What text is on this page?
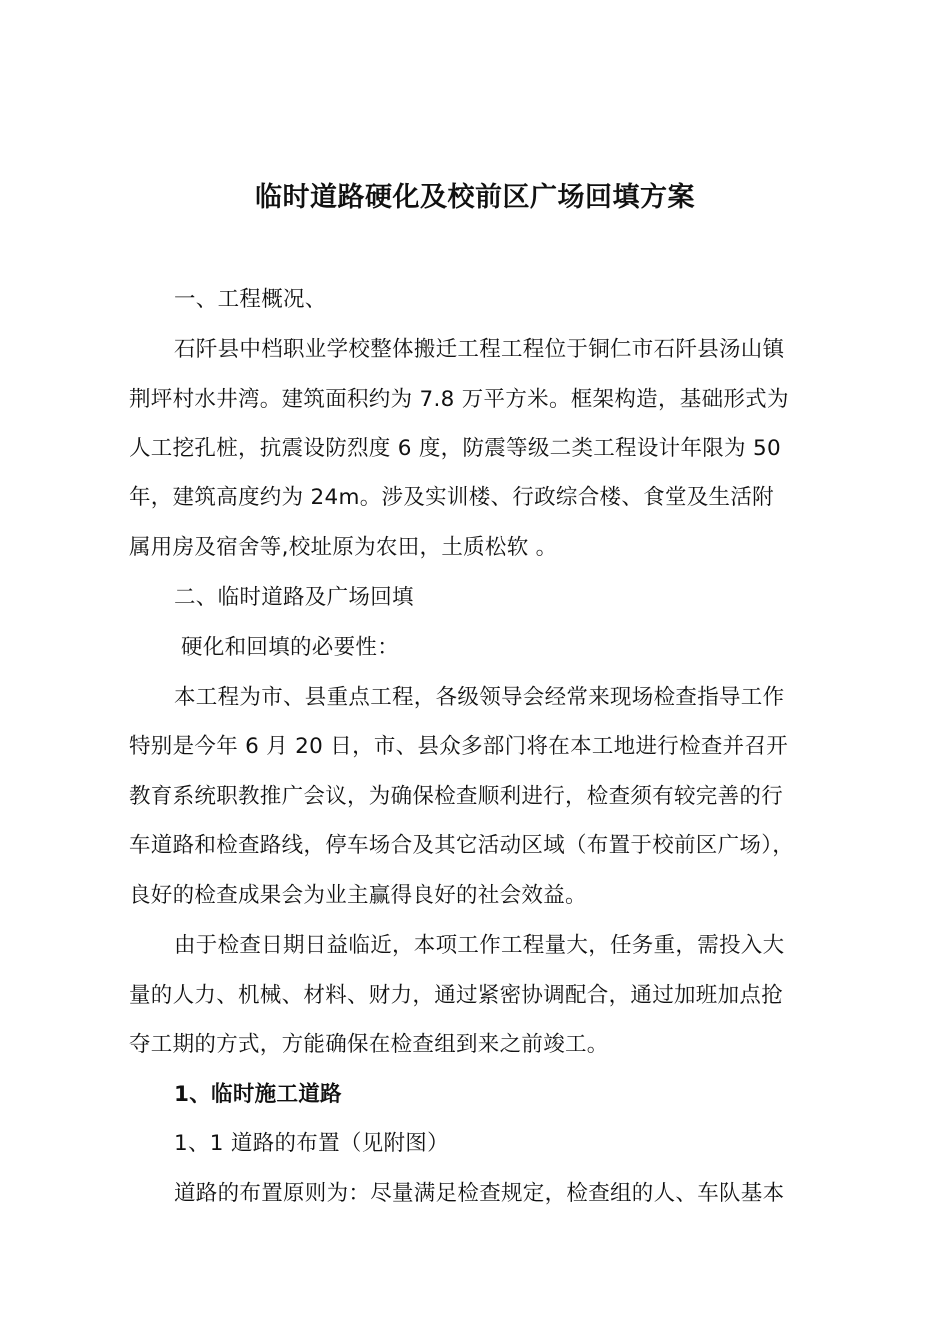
临时道路硬化及校前区广场回填方案
一、工程概况、
石阡县中档职业学校整体搬迁工程工程位于铜仁市石阡县汤山镇
荆坪村水井湾。建筑面积约为 7.8 万平方米。框架构造，基础形式为
人工挖孔桩，抗震设防烈度 6 度，防震等级二类工程设计年限为 50
年，建筑高度约为 24m。涉及实训楼、行政综合楼、食堂及生活附
属用房及宿舍等,校址原为农田，土质松软 。
二、临时道路及广场回填
硬化和回填的必要性：
本工程为市、县重点工程，各级领导会经常来现场检查指导工作
特别是今年 6 月 20 日，市、县众多部门将在本工地进行检查并召开
教育系统职教推广会议，为确保检查顺利进行，检查须有较完善的行
车道路和检查路线，停车场合及其它活动区域（布置于校前区广场），
良好的检查成果会为业主赢得良好的社会效益。
由于检查日期日益临近，本项工作工程量大，任务重，需投入大
量的人力、机械、材料、财力，通过紧密协调配合，通过加班加点抢
夺工期的方式，方能确保在检查组到来之前竣工。
1、临时施工道路
1、1 道路的布置（见附图）
道路的布置原则为：尽量满足检查规定，检查组的人、车队基本
